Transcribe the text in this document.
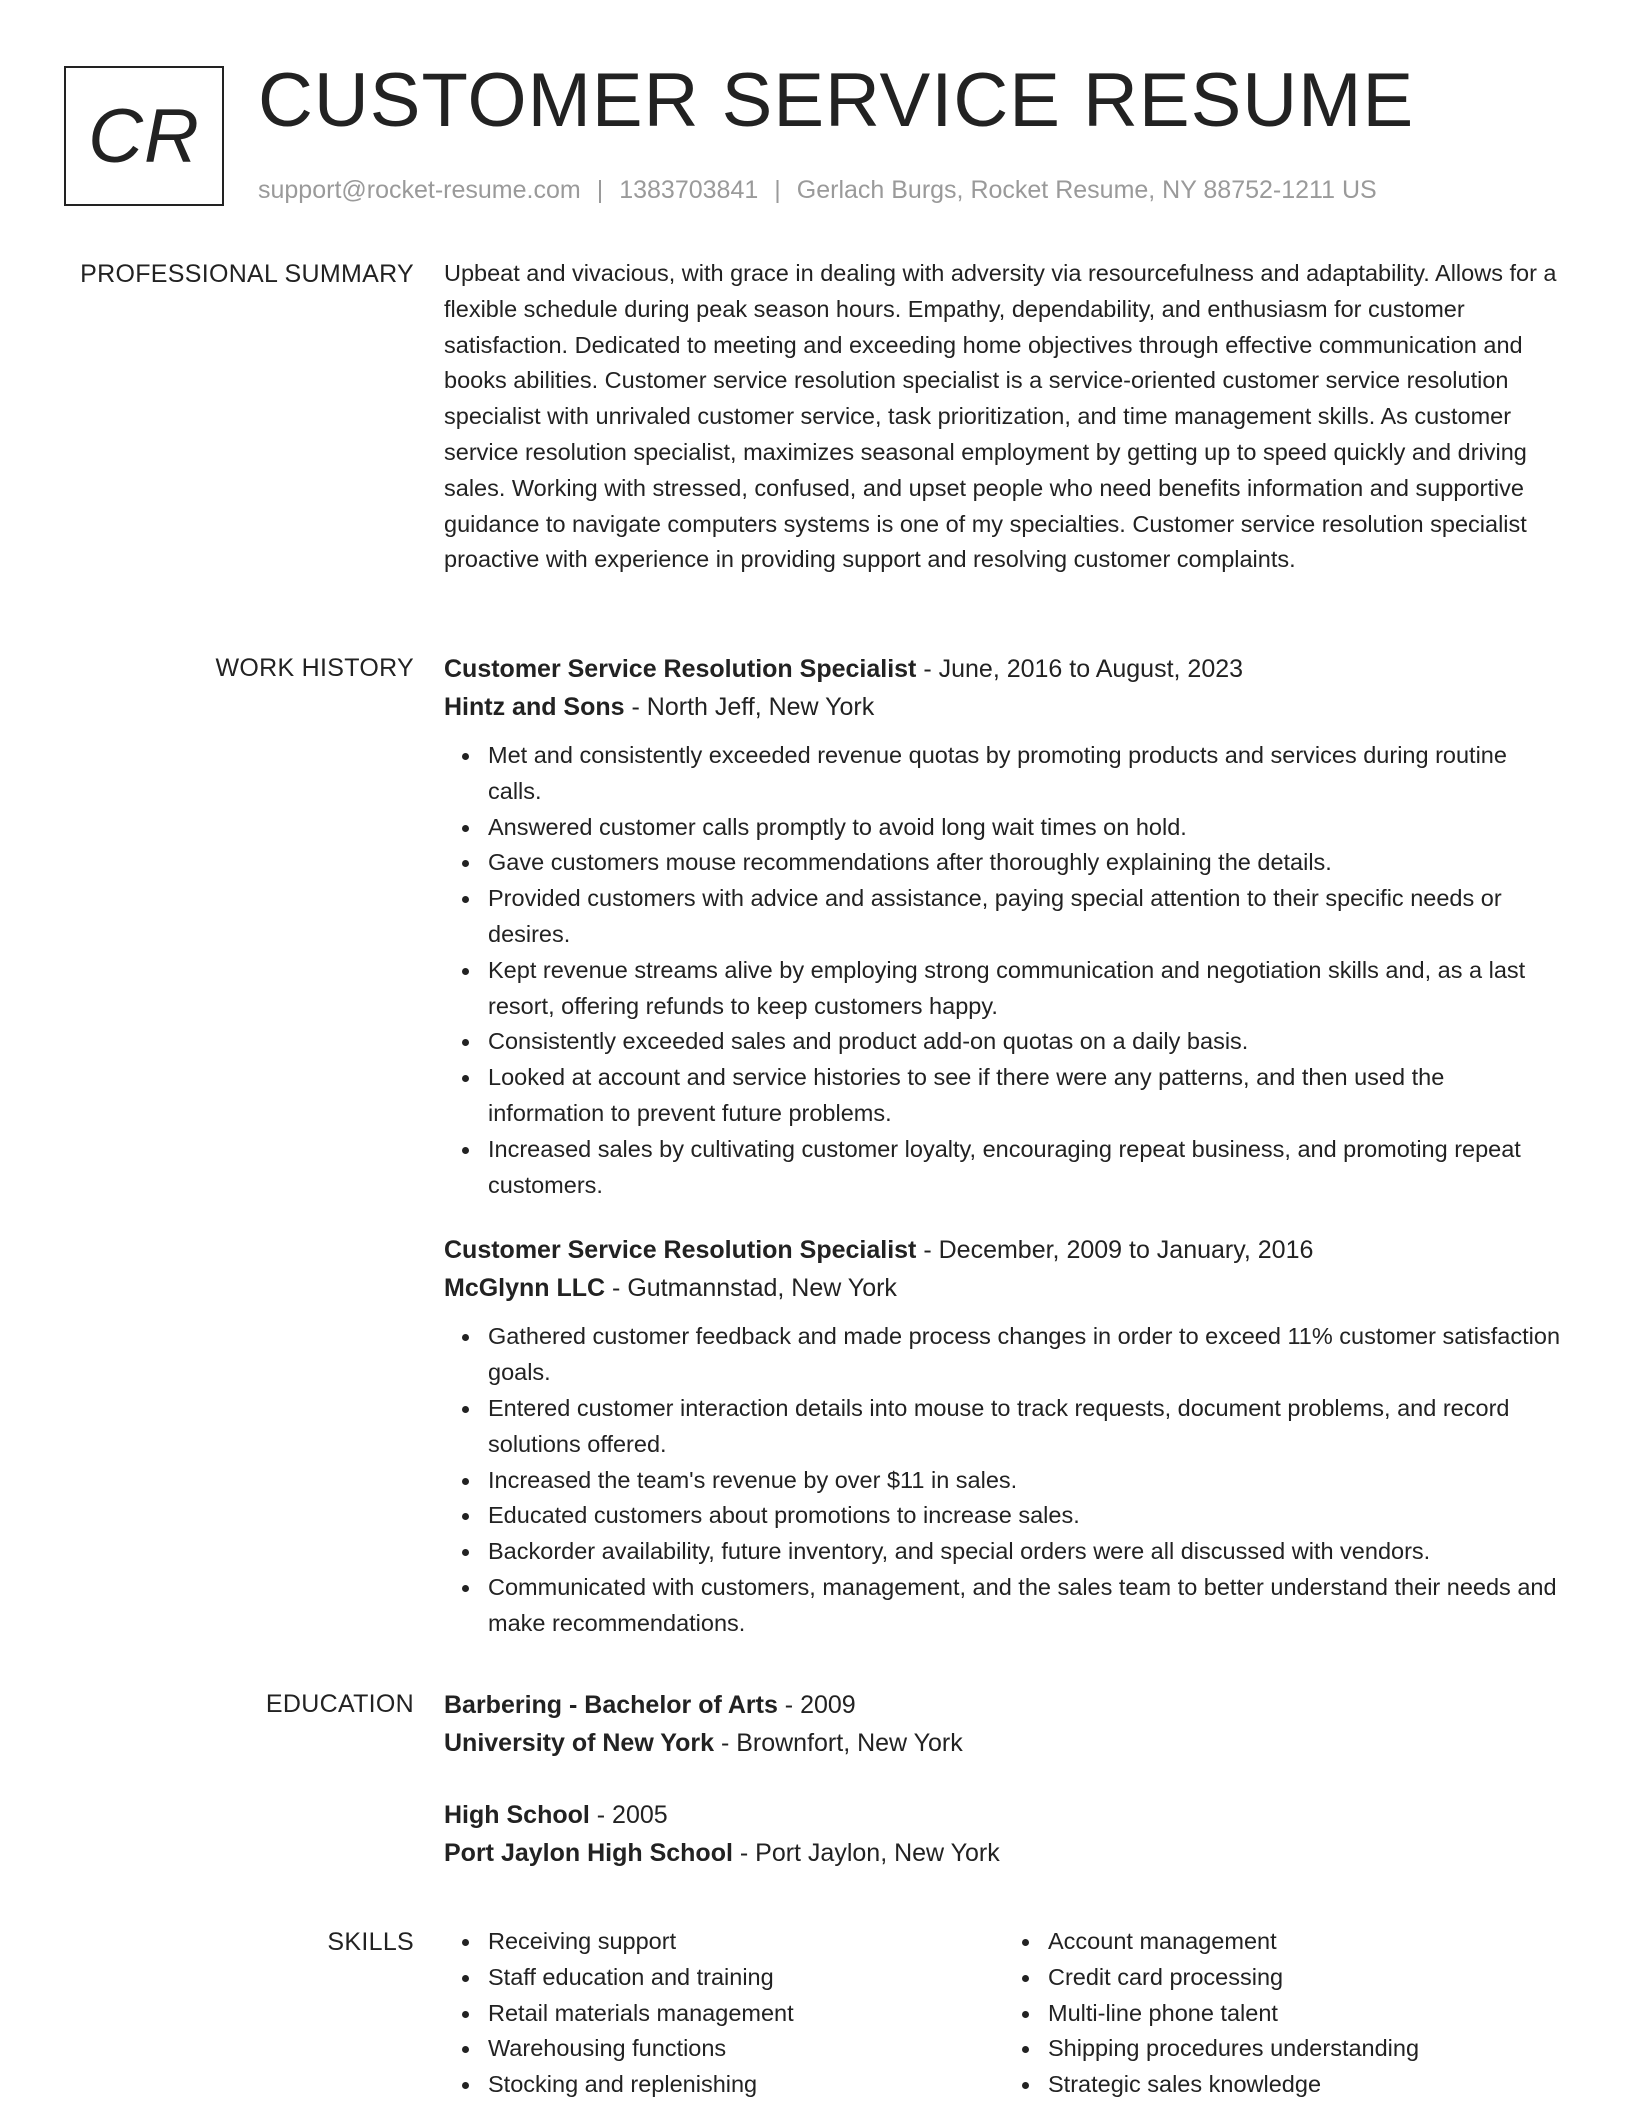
CR CUSTOMER SERVICE RESUME
support@rocket-resume.com | 1383703841 | Gerlach Burgs, Rocket Resume, NY 88752-1211 US
PROFESSIONAL SUMMARY Upbeat and vivacious, with grace in dealing with adversity via resourcefulness and adaptability. Allows for a flexible schedule during peak season hours. Empathy, dependability, and enthusiasm for customer satisfaction. Dedicated to meeting and exceeding home objectives through effective communication and books abilities. Customer service resolution specialist is a service-oriented customer service resolution specialist with unrivaled customer service, task prioritization, and time management skills. As customer service resolution specialist, maximizes seasonal employment by getting up to speed quickly and driving sales. Working with stressed, confused, and upset people who need benefits information and supportive guidance to navigate computers systems is one of my specialties. Customer service resolution specialist proactive with experience in providing support and resolving customer complaints.

WORK HISTORY Customer Service Resolution Specialist - June, 2016 to August, 2023
Hintz and Sons - North Jeff, New York
Met and consistently exceeded revenue quotas by promoting products and services during routine calls.
Answered customer calls promptly to avoid long wait times on hold.
Gave customers mouse recommendations after thoroughly explaining the details.
Provided customers with advice and assistance, paying special attention to their specific needs or desires.
Kept revenue streams alive by employing strong communication and negotiation skills and, as a last resort, offering refunds to keep customers happy.
Consistently exceeded sales and product add-on quotas on a daily basis.
Looked at account and service histories to see if there were any patterns, and then used the information to prevent future problems.
Increased sales by cultivating customer loyalty, encouraging repeat business, and promoting repeat customers.
Customer Service Resolution Specialist - December, 2009 to January, 2016
McGlynn LLC - Gutmannstad, New York
Gathered customer feedback and made process changes in order to exceed 11% customer satisfaction goals.
Entered customer interaction details into mouse to track requests, document problems, and record solutions offered.
Increased the team's revenue by over $11 in sales.
Educated customers about promotions to increase sales.
Backorder availability, future inventory, and special orders were all discussed with vendors.
Communicated with customers, management, and the sales team to better understand their needs and make recommendations.
EDUCATION Barbering - Bachelor of Arts - 2009
University of New York - Brownfort, New York
High School - 2005
Port Jaylon High School - Port Jaylon, New York
SKILLS	Receiving support
Staff education and training
Retail materials management
Warehousing functions
Stocking and replenishing
Account management
Credit card processing
Multi-line phone talent
Shipping procedures understanding
Strategic sales knowledge
